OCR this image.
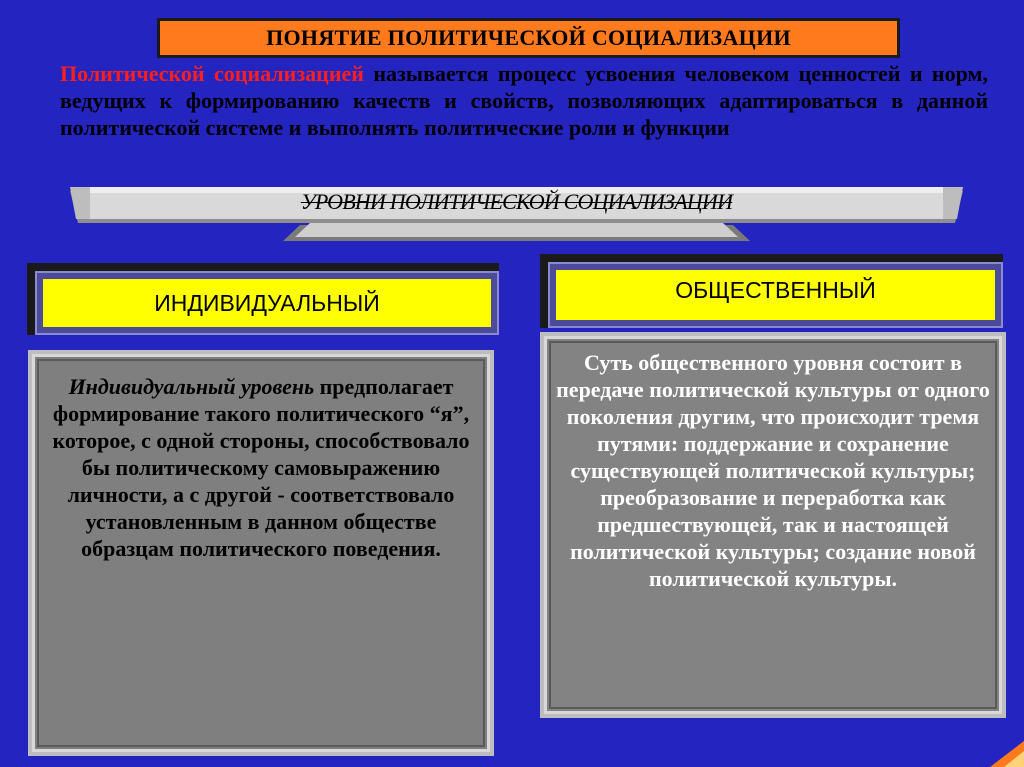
ПОНЯТИЕ ПОЛИТИЧЕСКОЙ СОЦИАЛИЗАЦИИ
Политической социализацией называется процесс усвоения человеком ценностей и норм, ведущих к формированию качеств и свойств, позволяющих адаптироваться в данной политической системе и выполнять политические роли и функции
УРОВНИ ПОЛИТИЧЕСКОЙ СОЦИАЛИЗАЦИИ
ИНДИВИДУАЛЬНЫЙ	ОБЩЕСТВЕННЫЙ
Индивидуальный уровень предполагает формирование такого политического “я”, которое, с одной стороны, способствовало бы политическому самовыражению личности, а с другой - соответствовало установленным в данном обществе образцам политического поведения.
Суть общественного уровня состоит в передаче политической культуры от одного поколения другим, что происходит тремя путями: поддержание и сохранение существующей политической культуры; преобразование и переработка как предшествующей, так и настоящей политической культуры; создание новой политической культуры.
